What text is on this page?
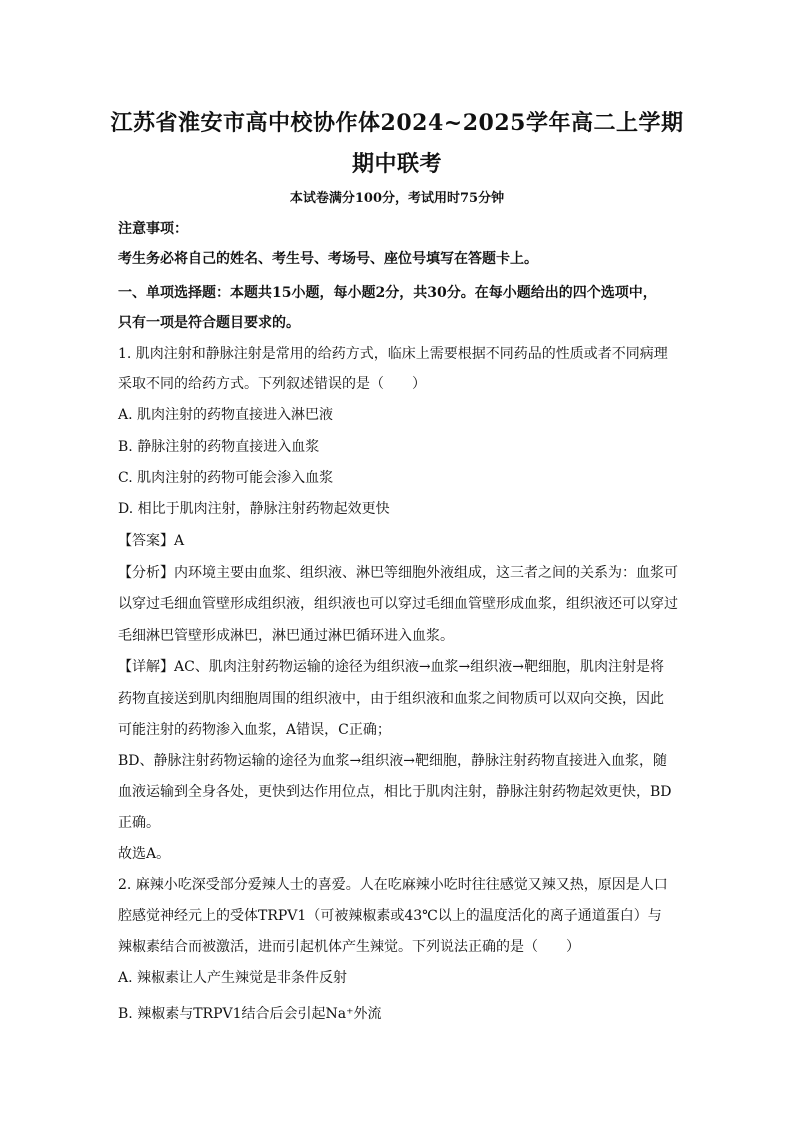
江苏省淮安市高中校协作体2024~2025学年高二上学期
期中联考
本试卷满分100分，考试用时75分钟
注意事项：
考生务必将自己的姓名、考生号、考场号、座位号填写在答题卡上。
一、单项选择题：本题共15小题，每小题2分，共30分。在每小题给出的四个选项中，
只有一项是符合题目要求的。
1. 肌肉注射和静脉注射是常用的给药方式，临床上需要根据不同药品的性质或者不同病理
采取不同的给药方式。下列叙述错误的是（　　）
A. 肌肉注射的药物直接进入淋巴液
B. 静脉注射的药物直接进入血浆
C. 肌肉注射的药物可能会渗入血浆
D. 相比于肌肉注射，静脉注射药物起效更快
【答案】A
【分析】内环境主要由血浆、组织液、淋巴等细胞外液组成，这三者之间的关系为：血浆可
以穿过毛细血管壁形成组织液，组织液也可以穿过毛细血管壁形成血浆，组织液还可以穿过
毛细淋巴管壁形成淋巴，淋巴通过淋巴循环进入血浆。
【详解】AC、肌肉注射药物运输的途径为组织液→血浆→组织液→靶细胞，肌肉注射是将
药物直接送到肌肉细胞周围的组织液中，由于组织液和血浆之间物质可以双向交换，因此
可能注射的药物渗入血浆，A错误，C正确；
BD、静脉注射药物运输的途径为血浆→组织液→靶细胞，静脉注射药物直接进入血浆，随
血液运输到全身各处，更快到达作用位点，相比于肌肉注射，静脉注射药物起效更快，BD
正确。
故选A。
2. 麻辣小吃深受部分爱辣人士的喜爱。人在吃麻辣小吃时往往感觉又辣又热，原因是人口
腔感觉神经元上的受体TRPV1（可被辣椒素或43℃以上的温度活化的离子通道蛋白）与
辣椒素结合而被激活，进而引起机体产生辣觉。下列说法正确的是（　　）
A. 辣椒素让人产生辣觉是非条件反射
B. 辣椒素与TRPV1结合后会引起Na⁺外流
